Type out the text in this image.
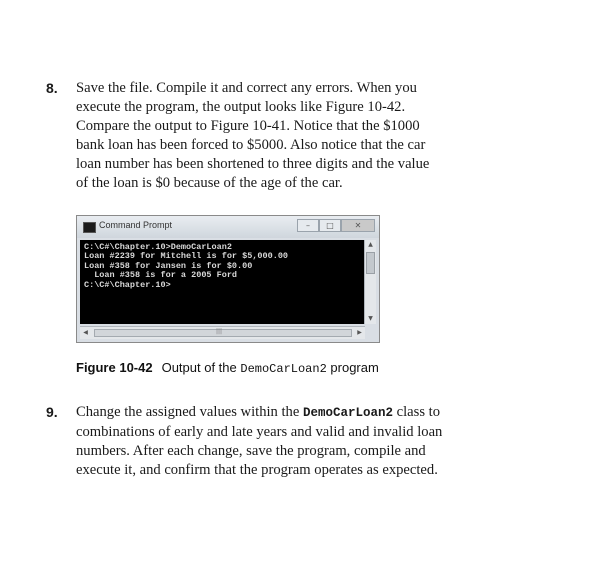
8. Save the file. Compile it and correct any errors. When you
execute the program, the output looks like Figure 10-42.
Compare the output to Figure 10-41. Notice that the $1000
bank loan has been forced to $5000. Also notice that the car
loan number has been shortened to three digits and the value
of the loan is $0 because of the age of the car.
Command Prompt	–	□	✕
C:\C#\Chapter.10>DemoCarLoan2
Loan #2239 for Mitchell is for $5,000.00
Loan #358 for Jansen is for $0.00
Loan #358 is for a 2005 Ford
C:\C#\Chapter.10>
▲
▼
◀	|||	▶
Figure 10-42 Output of the DemoCarLoan2 program
9. Change the assigned values within the DemoCarLoan2 class to
combinations of early and late years and valid and invalid loan
numbers. After each change, save the program, compile and
execute it, and confirm that the program operates as expected.
